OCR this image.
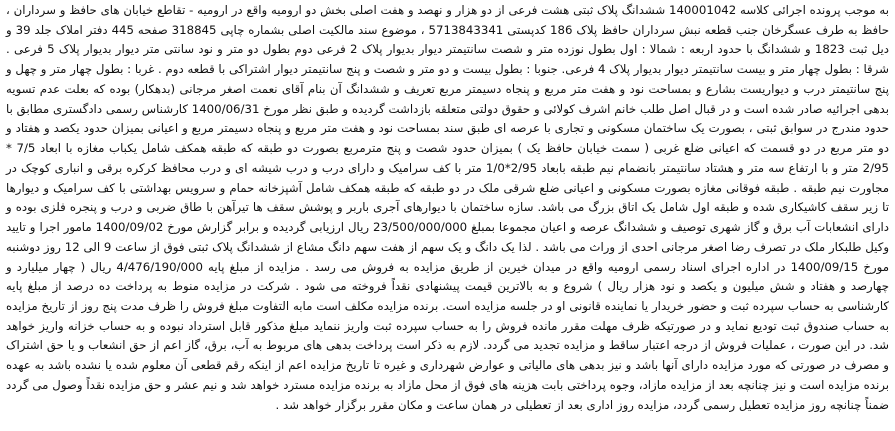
به موجب پرونده اجرائی کلاسه 140001042 ششدانگ پلاک ثبتی هشت فرعی از دو هزار و نهصد و هفت اصلی بخش دو ارومیه واقع در ارومیه - تقاطع خیابان های حافظ و سرداران ، حافظ به طرف عسگرخان جنب قطعه نبش سرداران حافظ پلاک 186 کدپستی 5713843341 ، موضوع سند مالکیت اصلی بشماره چاپی 318845 صفحه 445 دفتر املاک جلد 39 و دیل ثبت 1823 و ششدانگ با حدود اربعه : شمالا : اول بطول نوزده متر و شصت سانتیمتر دیوار بدیوار پلاک 2 فرعی دوم بطول دو متر و نود سانتی متر دیوار بدیوار پلاک 5 فرعی . شرقا : بطول چهار متر و بیست سانتیمتر دیوار بدیوار پلاک 4 فرعی. جنوبا : بطول بیست و دو متر و شصت و پنج سانتیمتر دیوار اشتراکی با قطعه دوم . غربا : بطول چهار متر و چهل و پنج سانتیمتر درب و دیواریست بشارع و بمساحت نود و هفت متر مربع و پنجاه دسیمتر مربع تعریف و ششدانگ آن بنام آقای نعمت اصغر مرجانی (بدهکار) بوده که بعلت عدم تسویه بدهی اجرائیه صادر شده است و در قبال اصل طلب خانم اشرف کولائی و حقوق دولتی متعلقه بازداشت گردیده و طبق نظر مورخ 1400/06/31 کارشناس رسمی دادگستری مطابق با حدود مندرج در سوابق ثبتی ، بصورت یک ساختمان مسکونی و تجاری با عرصه ای طبق سند بمساحت نود و هفت متر مربع و پنجاه دسیمتر مربع و اعیانی بمیزان حدود یکصد و هفتاد و دو متر مربع در دو قسمت که اعیانی ضلع غربی ( سمت خیابان حافظ یک ) بمیزان حدود شصت و پنج مترمربع بصورت دو طبقه که طبقه همکف شامل یکباب مغازه با ابعاد 7/5 * 2/95 متر و با ارتفاع سه متر و هشتاد سانتیمتر بانضمام نیم طبقه بابعاد 2/95*1/0 متر با کف سرامیک و دارای درب و درب شیشه ای و درب محافظ کرکره برقی و انباری کوچک در مجاورت نیم طبقه . طبقه فوقانی مغازه بصورت مسکونی و اعیانی ضلع شرقی ملک در دو طبقه که طبقه همکف شامل آشپزخانه حمام و سرویس بهداشتی با کف سرامیک و دیوارها تا زیر سقف کاشیکاری شده و طبقه اول شامل یک اتاق بزرگ می باشد. سازه ساختمان با دیوارهای آجری باربر و پوشش سقف ها تیرآهن با طاق ضربی و درب و پنجره فلزی بوده و دارای انشعابات آب برق و گاز شهری توصیف و ششدانگ عرصه و اعیان مجموعا بمبلغ 23/500/000/000 ریال ارزیابی گردیده و برابر گزارش مورخ 1400/09/02 مامور اجرا و تایید وکیل طلبکار ملک در تصرف رضا اصغر مرجانی احدی از وراث می باشد . لذا یک دانگ و یک سهم از هفت سهم دانگ مشاع از ششدانگ پلاک ثبتی فوق از ساعت 9 الی 12 روز دوشنبه مورخ 1400/09/15 در اداره اجرای اسناد رسمی ارومیه واقع در میدان خیرین از طریق مزایده به فروش می رسد . مزایده از مبلغ پایه 4/476/190/000 ریال ( چهار میلیارد و چهارصد و هفتاد و شش میلیون و یکصد و نود هزار ریال ) شروع و به بالاترین قیمت پیشنهادی نقداً فروخته می شود . شرکت در مزایده منوط به پرداخت ده درصد از مبلغ پایه کارشناسی به حساب سپرده ثبت و حضور خریدار یا نماینده قانونی او در جلسه مزایده است. برنده مزایده مکلف است مابه التفاوت مبلغ فروش را ظرف مدت پنج روز از تاریخ مزایده به حساب صندوق ثبت تودیع نماید و در صورتیکه ظرف مهلت مقرر مانده فروش را به حساب سپرده ثبت واریز ننماید مبلغ مذکور قابل استرداد نبوده و به حساب خزانه واریز خواهد شد. در این صورت ، عملیات فروش از درجه اعتبار ساقط و مزایده تجدید می گردد. لازم به ذکر است پرداخت بدهی های مربوط به آب، برق، گاز اعم از حق انشعاب و یا حق اشتراک و مصرف در صورتی که مورد مزایده دارای آنها باشد و نیز بدهی های مالیاتی و عوارض شهرداری و غیره تا تاریخ مزایده اعم از اینکه رقم قطعی آن معلوم شده یا نشده باشد به عهده برنده مزایده است و نیز چنانچه بعد از مزایده مازاد، وجوه پرداختی بابت هزینه های فوق از محل مازاد به برنده مزایده مسترد خواهد شد و نیم عشر و حق مزایده نقداً وصول می گردد ضمناً چنانچه روز مزایده تعطیل رسمی گردد، مزایده روز اداری بعد از تعطیلی در همان ساعت و مکان مقرر برگزار خواهد شد .
